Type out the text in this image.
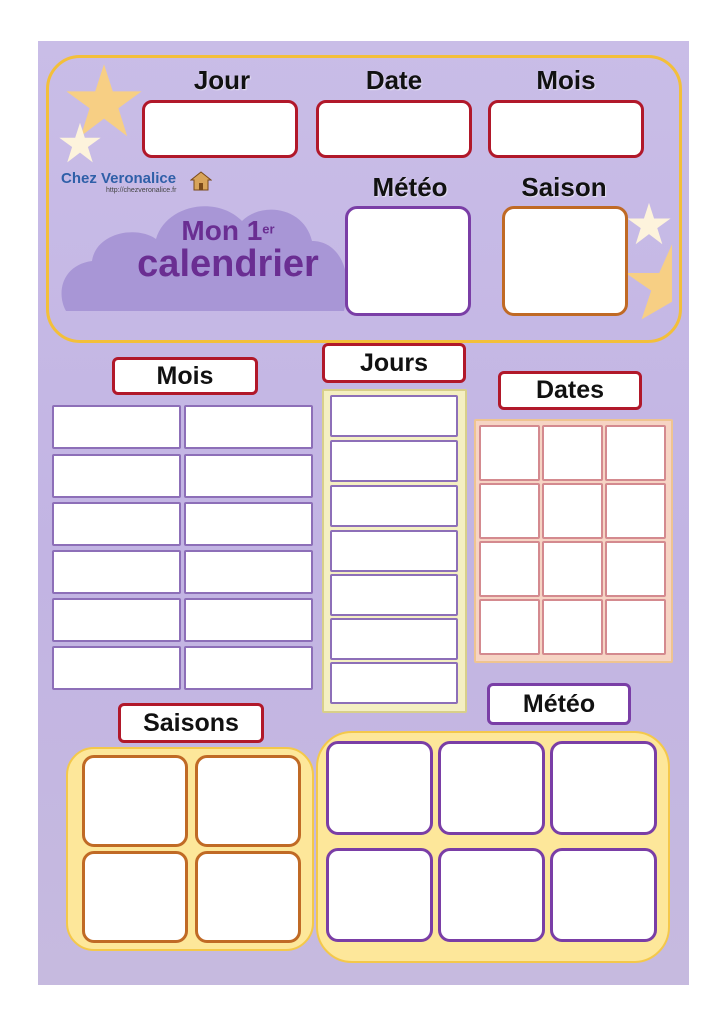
Chez Veronalice
http://chezveronalice.fr
Mon 1er
calendrier
Jour	Date	Mois
Météo	Saison
Mois	Jours
Dates
Saisons
Météo
